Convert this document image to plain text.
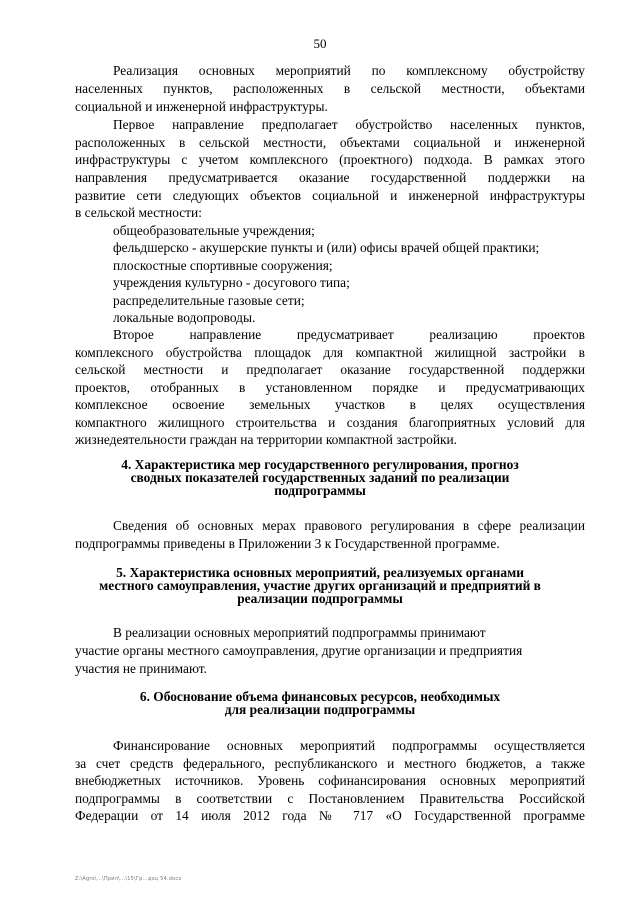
50
Реализация основных мероприятий по комплексному обустройству
населенных пунктов, расположенных в сельской местности, объектами
социальной и инженерной инфраструктуры.
Первое направление предполагает обустройство населенных пунктов,
расположенных в сельской местности, объектами социальной и инженерной
инфраструктуры с учетом комплексного (проектного) подхода. В рамках этого
направления предусматривается оказание государственной поддержки на
развитие сети следующих объектов социальной и инженерной инфраструктуры
в сельской местности:
общеобразовательные учреждения;
фельдшерско - акушерские пункты и (или) офисы врачей общей практики;
плоскостные спортивные сооружения;
учреждения культурно - досугового типа;
распределительные газовые сети;
локальные водопроводы.
Второе направление предусматривает реализацию проектов
комплексного обустройства площадок для компактной жилищной застройки в
сельской местности и предполагает оказание государственной поддержки
проектов, отобранных в установленном порядке и предусматривающих
комплексное освоение земельных участков в целях осуществления
компактного жилищного строительства и создания благоприятных условий для
жизнедеятельности граждан на территории компактной застройки.
4. Характеристика мер государственного регулирования, прогноз
сводных показателей государственных заданий по реализации
подпрограммы
Сведения об основных мерах правового регулирования в сфере реализации
подпрограммы приведены в Приложении 3 к Государственной программе.
5. Характеристика основных мероприятий, реализуемых органами
местного самоуправления, участие других организаций и предприятий в
реализации подпрограммы
В реализации основных мероприятий подпрограммы принимают
участие органы местного самоуправления, другие организации и предприятия
участия не принимают.
6. Обоснование объема финансовых ресурсов, необходимых
для реализации подпрограммы
Финансирование основных мероприятий подпрограммы осуществляется
за счет средств федерального, республиканского и местного бюджетов, а также
внебюджетных источников. Уровень софинансирования основных мероприятий
подпрограммы в соответствии с Постановлением Правительства Российской
Федерации от 14 июля 2012 года № 717 «О Государственной программе
Z:\Agro\...\Прил\...\15\Гр...доц 54.docx
